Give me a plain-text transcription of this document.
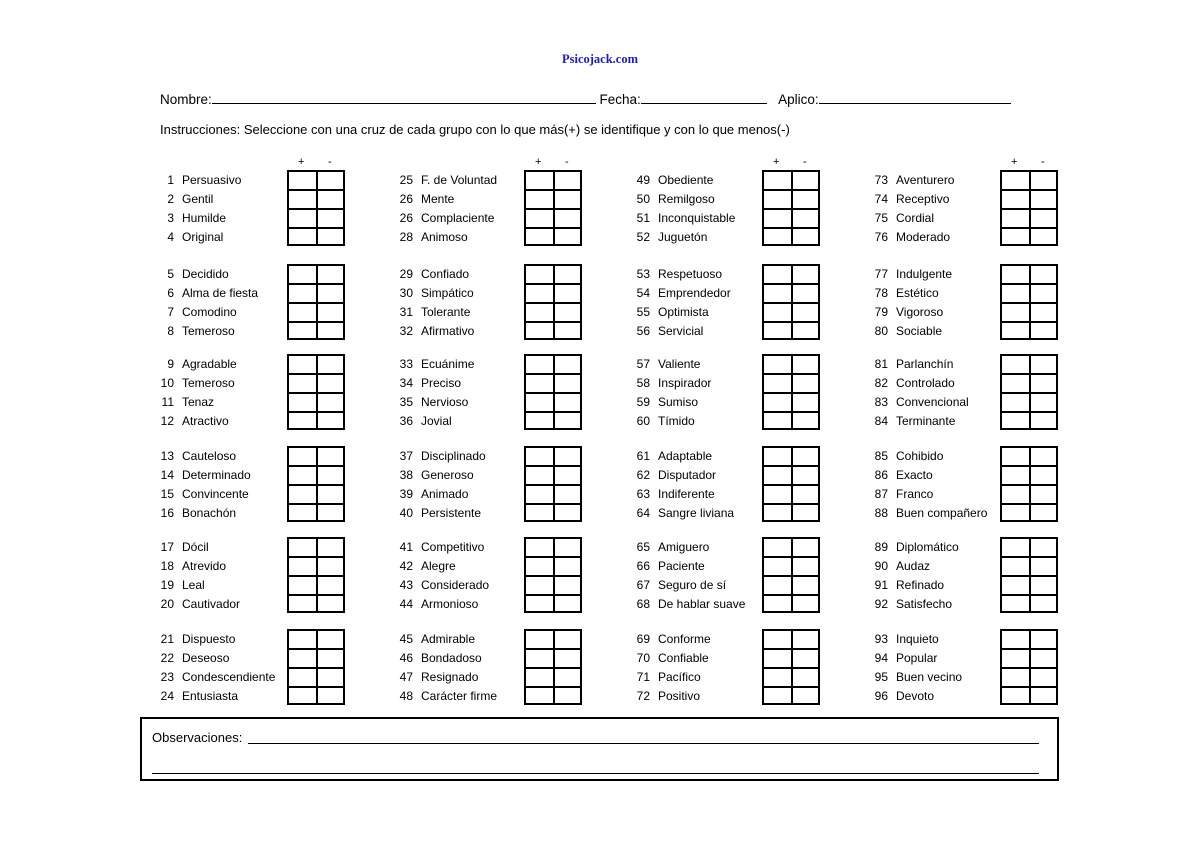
Psicojack.com
Nombre:	Fecha:	Aplico:
Instrucciones: Seleccione con una cruz de cada grupo con lo que más(+) se identifique y con lo que menos(-)
+ -
1 Persuasivo
2 Gentil
3 Humilde
4 Original
5 Decidido
6 Alma de fiesta
7 Comodino
8 Temeroso
9 Agradable
10 Temeroso
11 Tenaz
12 Atractivo
13 Cauteloso
14 Determinado
15 Convincente
16 Bonachón
17 Dócil
18 Atrevido
19 Leal
20 Cautivador
21 Dispuesto
22 Deseoso
23 Condescendiente
24 Entusiasta
+ -
25 F. de Voluntad
26 Mente
26 Complaciente
28 Animoso
29 Confiado
30 Simpático
31 Tolerante
32 Afirmativo
33 Ecuánime
34 Preciso
35 Nervioso
36 Jovial
37 Disciplinado
38 Generoso
39 Animado
40 Persistente
41 Competitivo
42 Alegre
43 Considerado
44 Armonioso
45 Admirable
46 Bondadoso
47 Resignado
48 Carácter firme
+ -
49 Obediente
50 Remilgoso
51 Inconquistable
52 Juguetón
53 Respetuoso
54 Emprendedor
55 Optimista
56 Servicial
57 Valiente
58 Inspirador
59 Sumiso
60 Tímido
61 Adaptable
62 Disputador
63 Indiferente
64 Sangre liviana
65 Amiguero
66 Paciente
67 Seguro de sí
68 De hablar suave
69 Conforme
70 Confiable
71 Pacífico
72 Positivo
+ -
73 Aventurero
74 Receptivo
75 Cordial
76 Moderado
77 Indulgente
78 Estético
79 Vigoroso
80 Sociable
81 Parlanchín
82 Controlado
83 Convencional
84 Terminante
85 Cohibido
86 Exacto
87 Franco
88 Buen compañero
89 Diplomático
90 Audaz
91 Refinado
92 Satisfecho
93 Inquieto
94 Popular
95 Buen vecino
96 Devoto
Observaciones:
